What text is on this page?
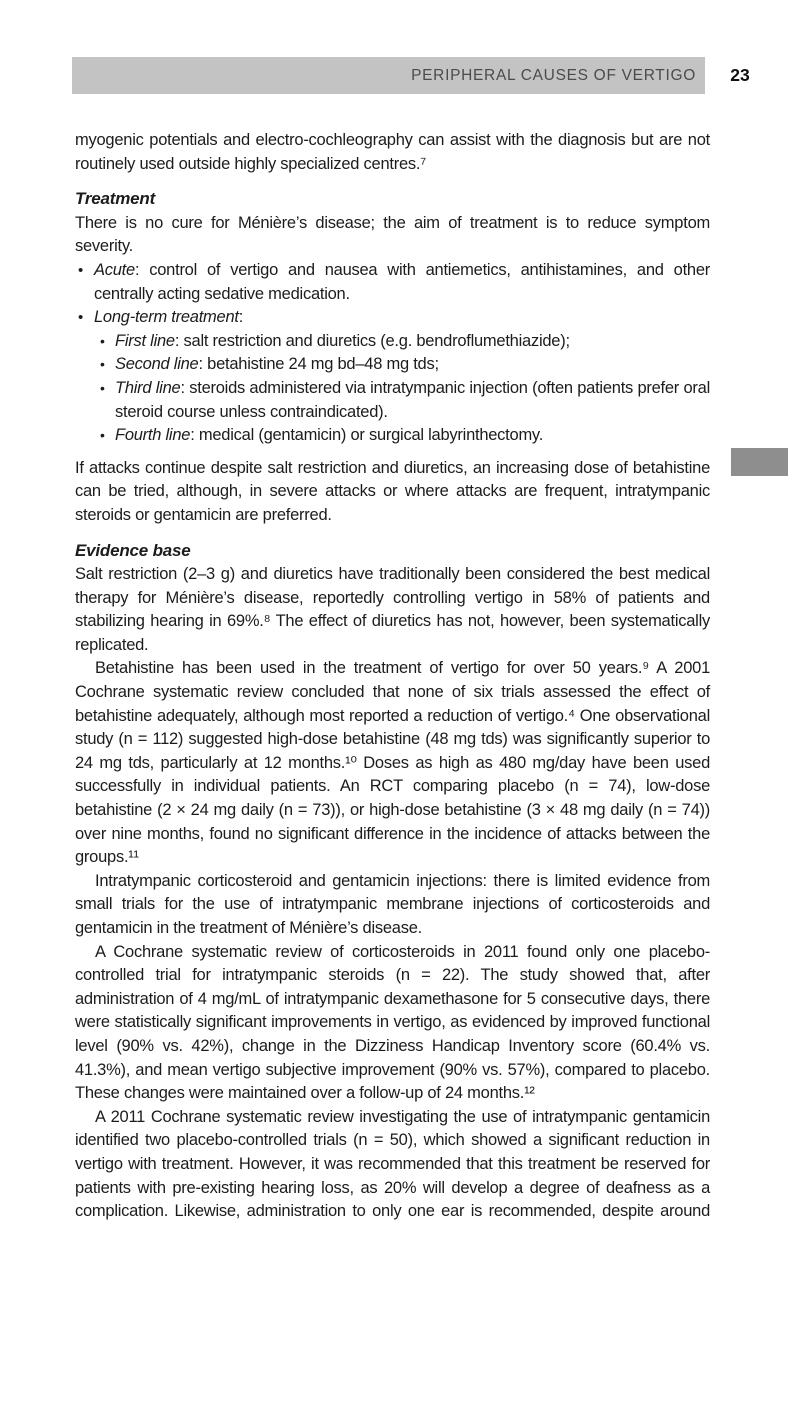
PERIPHERAL CAUSES OF VERTIGO	23

myogenic potentials and electro-cochleography can assist with the diagnosis but are not routinely used outside highly specialized centres.⁷

Treatment

There is no cure for Ménière’s disease; the aim of treatment is to reduce symptom severity.

• Acute: control of vertigo and nausea with antiemetics, antihistamines, and other centrally acting sedative medication.
• Long-term treatment:
• First line: salt restriction and diuretics (e.g. bendroflumethiazide);
• Second line: betahistine 24 mg bd–48 mg tds;
• Third line: steroids administered via intratympanic injection (often patients prefer oral steroid course unless contraindicated).
• Fourth line: medical (gentamicin) or surgical labyrinthectomy.

If attacks continue despite salt restriction and diuretics, an increasing dose of betahistine can be tried, although, in severe attacks or where attacks are frequent, intratympanic steroids or gentamicin are preferred.

Evidence base

Salt restriction (2–3 g) and diuretics have traditionally been considered the best medical therapy for Ménière’s disease, reportedly controlling vertigo in 58% of patients and stabilizing hearing in 69%.⁸ The effect of diuretics has not, however, been systematically replicated.

Betahistine has been used in the treatment of vertigo for over 50 years.⁹ A 2001 Cochrane systematic review concluded that none of six trials assessed the effect of betahistine adequately, although most reported a reduction of vertigo.⁴ One observational study (n = 112) suggested high-dose betahistine (48 mg tds) was significantly superior to 24 mg tds, particularly at 12 months.¹⁰ Doses as high as 480 mg/day have been used successfully in individual patients. An RCT comparing placebo (n = 74), low-dose betahistine (2 × 24 mg daily (n = 73)), or high-dose betahistine (3 × 48 mg daily (n = 74)) over nine months, found no significant difference in the incidence of attacks between the groups.¹¹

Intratympanic corticosteroid and gentamicin injections: there is limited evidence from small trials for the use of intratympanic membrane injections of corticosteroids and gentamicin in the treatment of Ménière’s disease.

A Cochrane systematic review of corticosteroids in 2011 found only one placebo-controlled trial for intratympanic steroids (n = 22). The study showed that, after administration of 4 mg/mL of intratympanic dexamethasone for 5 consecutive days, there were statistically significant improvements in vertigo, as evidenced by improved functional level (90% vs. 42%), change in the Dizziness Handicap Inventory score (60.4% vs. 41.3%), and mean vertigo subjective improvement (90% vs. 57%), compared to placebo. These changes were maintained over a follow-up of 24 months.¹²

A 2011 Cochrane systematic review investigating the use of intratympanic gentamicin identified two placebo-controlled trials (n = 50), which showed a significant reduction in vertigo with treatment. However, it was recommended that this treatment be reserved for patients with pre-existing hearing loss, as 20% will develop a degree of deafness as a complication. Likewise, administration to only one ear is recommended, despite around
